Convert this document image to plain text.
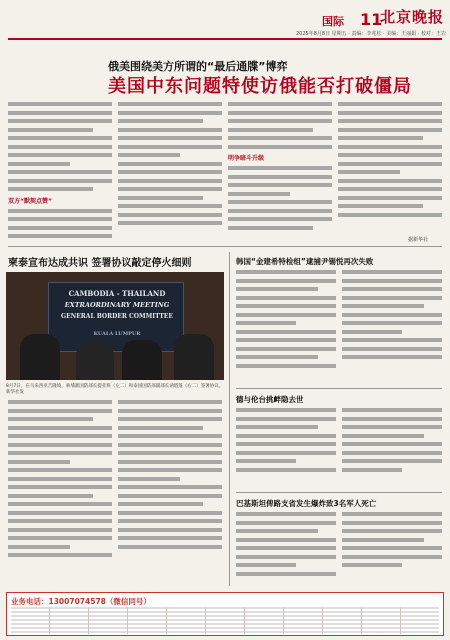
国际 11
北京晚报
2025年8月8日 星期五 · 责编：李兆松 · 美编：王丽娟 · 校对：王岩
俄美围绕美方所谓的“最后通牒”博弈
美国中东问题特使访俄能否打破僵局
双方“默契点赞”
明争暗斗升级
据新华社
柬泰宣布达成共识 签署协议敲定停火细则
CAMBODIA - THAILAND
EXTRAORDINARY MEETING
GENERAL BORDER COMMITTEE
KUALA LUMPUR
8月7日，在马来西亚吉隆坡，柬埔寨国防部长提亚班（左二）和泰国国防部副部长讷塔蓬（右二）签署协议。 新华社发
韩国“金建希特检组”逮捕尹锡悦再次失败
德与伦台挑衅隐去世
巴基斯坦俾路支省发生爆炸致3名军人死亡
业务电话：13007074578（微信同号）
